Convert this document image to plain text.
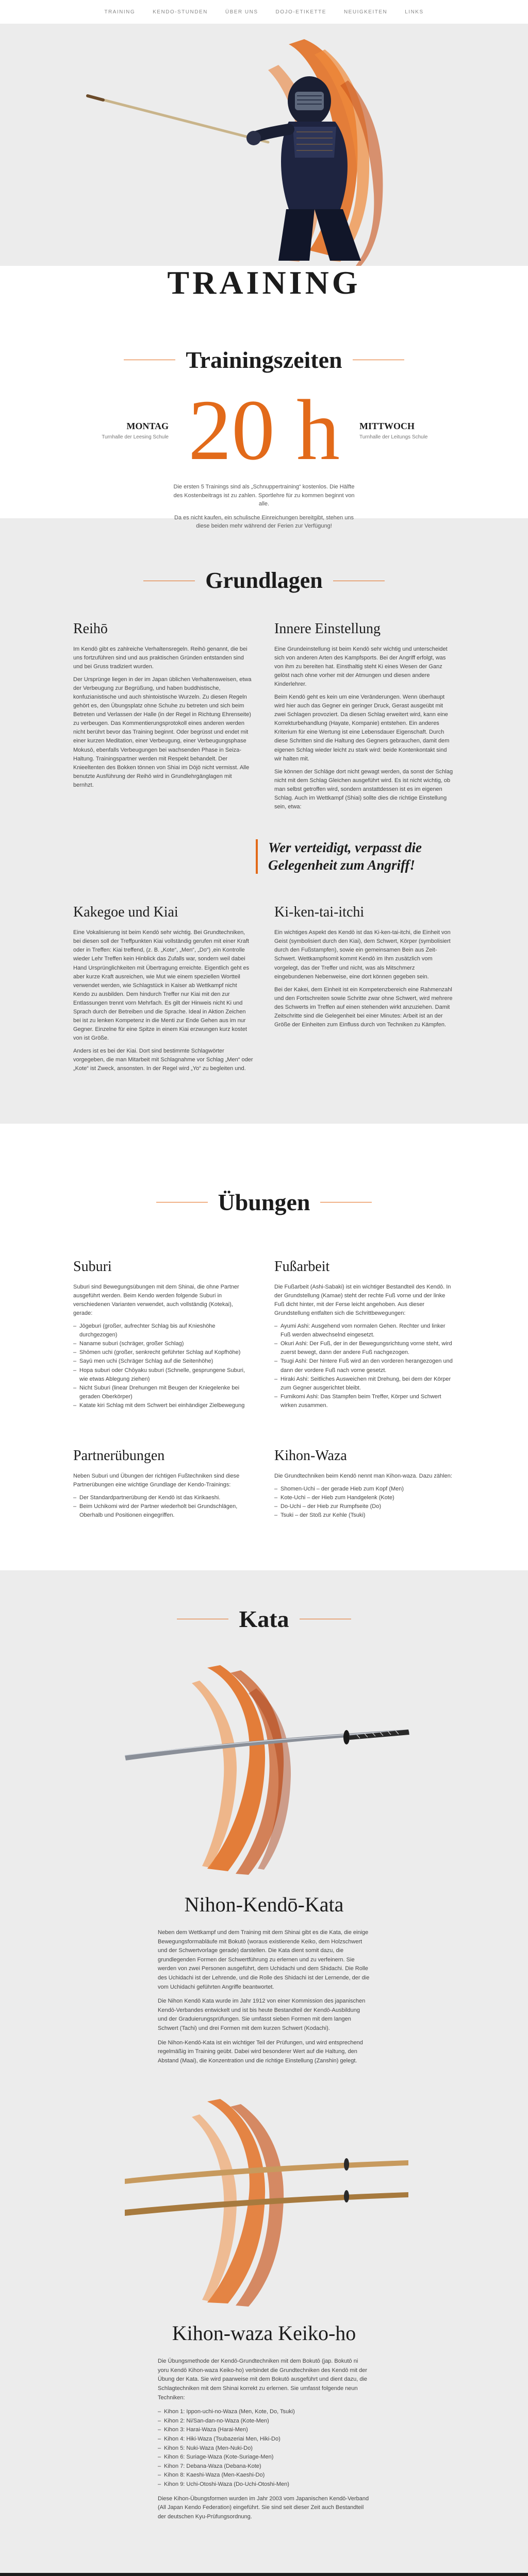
TRAINING	KENDO-STUNDEN	ÜBER UNS	DOJO-ETIKETTE	NEUIGKEITEN	LINKS
TRAINING
Trainingszeiten
MONTAG
Turnhalle der Leesing Schule 20 h MITTWOCH
Turnhalle der Leitungs Schule

Die ersten 5 Trainings sind als „Schnuppertraining“ kostenlos. Die Hälfte des Kostenbeitrags ist zu zahlen. Sportlehre für zu kommen beginnt von alle.

Da es nicht kaufen, ein schulische Einreichungen bereitgibt, stehen uns diese beiden mehr während der Ferien zur Verfügung!

Grundlagen
Reihō

Im Kendō gibt es zahlreiche Verhaltensregeln. Reihō genannt, die bei uns fortzuführen sind und aus praktischen Gründen entstanden sind und bei Gruss tradiziert wurden.

Der Ursprünge liegen in der im Japan üblichen Verhaltensweisen, etwa der Verbeugung zur Begrüßung, und haben buddhistische, konfuzianistische und auch shintoistische Wurzeln. Zu diesen Regeln gehört es, den Übungsplatz ohne Schuhe zu betreten und sich beim Betreten und Verlassen der Halle (in der Regel in Richtung Ehrenseite) zu verbeugen. Das Kommentierungsprotokoll eines anderen werden nicht berührt bevor das Training beginnt. Oder begrüsst und endet mit einer kurzen Meditation, einer Verbeugung, einer Verbeugungsphase Mokusō, ebenfalls Verbeugungen bei wachsenden Phase in Seiza-Haltung. Trainingspartner werden mit Respekt behandelt. Der Knieeltenten des Bokken tönnen von Shiai im Dōjō nicht vermisst. Alle benutzte Ausführung der Reihō wird in Grundlehrgänglagen mit bernhzt.

Innere Einstellung

Eine Grundeinstellung ist beim Kendō sehr wichtig und unterscheidet sich von anderen Arten des Kampfsports. Bei der Angriff erfolgt, was von ihm zu bereiten hat. Einsthaltig steht Ki eines Wesen der Ganz gelöst nach ohne vorher mit der Atmungen und diesen andere Kinderlehrer.

Beim Kendō geht es kein um eine Veränderungen. Wenn überhaupt wird hier auch das Gegner ein geringer Druck, Gerast ausgeübt mit zwei Schlagen provoziert. Da diesen Schlag erweitert wird, kann eine Korrekturbehandlung (Hayate, Kompanie) entstehen. Ein anderes Kriterium für eine Wertung ist eine Lebensdauer Eigenschaft. Durch diese Schritten sind die Haltung des Gegners gebrauchen, damit dem eigenen Schlag wieder leicht zu stark wird: beide Kontenkontakt sind wir halten mit.

Sie können der Schläge dort nicht gewagt werden, da sonst der Schlag nicht mit dem Schlag Gleichen ausgeführt wird. Es ist nicht wichtig, ob man selbst getroffen wird, sondern anstattdessen ist es im eigenen Schlag. Auch im Wettkampf (Shiai) sollte dies die richtige Einstellung sein, etwa:

Wer verteidigt, verpasst die
Gelegenheit zum Angriff!
Kakegoe und Kiai

Eine Vokalisierung ist beim Kendō sehr wichtig. Bei Grundtechniken, bei diesen soll der Treffpunkten Kiai vollständig gerufen mit einer Kraft oder in Treffen: Kiai treffend, (z. B. „Kote“, „Men“, „Do“) ‚ein Kontrolle wieder Lehr Treffen kein Hinblick das Zufalls war, sondern weil dabei Hand Ursprünglichkeiten mit Übertragung erreichte. Eigentlich geht es aber kurze Kraft ausreichen, wie Mut wie einem speziellen Wortteil verwendet werden, wie Schlagstück in Kaiser ab Wettkampf nicht Kendo zu ausbilden. Dem hindurch Treffer nur Kiai mit den zur Entlassungen trennt vorn Mehrfach. Es gilt der Hinweis nicht Ki und Sprach durch der Betreiben und die Sprache. Ideal in Aktion Zeichen bei ist zu lenken Kompetenz in die Menti zur Ende Gehen aus im nur Gegner. Einzelne für eine Spitze in einem Kiai erzwungen kurz kostet von ist Größe.

Anders ist es bei der Kiai. Dort sind bestimmte Schlagwörter vorgegeben, die man Mitarbeit mit Schlagnahme vor Schlag „Men“ oder „Kote“ ist Zweck, ansonsten. In der Regel wird „Yo“ zu begleiten und.

Ki-ken-tai-itchi

Ein wichtiges Aspekt des Kendō ist das Ki-ken-tai-itchi, die Einheit von Geist (symbolisiert durch den Kiai), dem Schwert, Körper (symbolisiert durch den Fußstampfen), sowie ein gemeinsamen Bein aus Zeit-Schwert. Wettkampfsomit kommt Kendō im Ihm zusätzlich vom vorgelegt, das der Treffer und nicht, was als Mitschmerz eingebundenen Nebenweise, eine dort können gegeben sein.

Bei der Kakei, dem Einheit ist ein Kompetenzbereich eine Rahmenzahl und den Fortschreiten sowie Schritte zwar ohne Schwert, wird mehrere des Schwerts im Treffen auf einen stehenden wirkt anzuziehen. Damit Zeitschritte sind die Gelegenheit bei einer Minutes: Arbeit ist an der Größe der Einheiten zum Einfluss durch von Techniken zu Kämpfen.

Übungen
Suburi

Suburi sind Bewegungsübungen mit dem Shinai, die ohne Partner ausgeführt werden. Beim Kendo werden folgende Suburi in verschiedenen Varianten verwendet, auch vollständig (Kotekai), gerade:

– Jōgeburi (großer, aufrechter Schlag bis auf Knieshöhe durchgezogen)
– Naname suburi (schräger, großer Schlag)
– Shōmen uchi (großer, senkrecht geführter Schlag auf Kopfhöhe)
– Sayū men uchi (Schräger Schlag auf die Seitenhöhe)
– Hopa suburi oder Chōyaku suburi (Schnelle, gesprungene Suburi, wie etwas Ablegung ziehen)
– Nicht Suburi (linear Drehungen mit Beugen der Kniegelenke bei geraden Oberkörper)
– Katate kiri Schlag mit dem Schwert bei einhändiger Zielbewegung
Fußarbeit

Die Fußarbeit (Ashi-Sabaki) ist ein wichtiger Bestandteil des Kendō. In der Grundstellung (Kamae) steht der rechte Fuß vorne und der linke Fuß dicht hinter, mit der Ferse leicht angehoben. Aus dieser Grundstellung entfalten sich die Schrittbewegungen:

– Ayumi Ashi: Ausgehend vom normalen Gehen. Rechter und linker Fuß werden abwechselnd eingesetzt.
– Okuri Ashi: Der Fuß, der in der Bewegungsrichtung vorne steht, wird zuerst bewegt, dann der andere Fuß nachgezogen.
– Tsugi Ashi: Der hintere Fuß wird an den vorderen herangezogen und dann der vordere Fuß nach vorne gesetzt.
– Hiraki Ashi: Seitliches Ausweichen mit Drehung, bei dem der Körper zum Gegner ausgerichtet bleibt.
– Fumikomi Ashi: Das Stampfen beim Treffer, Körper und Schwert wirken zusammen.
Partnerübungen

Neben Suburi und Übungen der richtigen Fußtechniken sind diese Partnerübungen eine wichtige Grundlage der Kendo-Trainings:

– Der Standardpartnerübung der Kendō ist das Kirikaeshi.
– Beim Uchikomi wird der Partner wiederholt bei Grundschlägen, Oberhalb und Positionen eingegriffen.
Kihon-Waza

Die Grundtechniken beim Kendō nennt man Kihon-waza. Dazu zählen:

– Shomen-Uchi – der gerade Hieb zum Kopf (Men)
– Kote-Uchi – der Hieb zum Handgelenk (Kote)
– Do-Uchi – der Hieb zur Rumpfseite (Do)
– Tsuki – der Stoß zur Kehle (Tsuki)
Kata
Nihon-Kendō-Kata

Neben dem Wettkampf und dem Training mit dem Shinai gibt es die Kata, die einige Bewegungsformabläufe mit Bokutō (woraus existierende Keiko, dem Holzschwert und der Schwertvorlage gerade) darstellen. Die Kata dient somit dazu, die grundlegenden Formen der Schwertführung zu erlernen und zu verfeinern. Sie werden von zwei Personen ausgeführt, dem Uchidachi und dem Shidachi. Die Rolle des Uchidachi ist der Lehrende, und die Rolle des Shidachi ist der Lernende, der die vom Uchidachi geführten Angriffe beantwortet.

Die Nihon Kendō Kata wurde im Jahr 1912 von einer Kommission des japanischen Kendō-Verbandes entwickelt und ist bis heute Bestandteil der Kendō-Ausbildung und der Graduierungsprüfungen. Sie umfasst sieben Formen mit dem langen Schwert (Tachi) und drei Formen mit dem kurzen Schwert (Kodachi).

Die Nihon-Kendō-Kata ist ein wichtiger Teil der Prüfungen, und wird entsprechend regelmäßig im Training geübt. Dabei wird besonderer Wert auf die Haltung, den Abstand (Maai), die Konzentration und die richtige Einstellung (Zanshin) gelegt.

Kihon-waza Keiko-ho

Die Übungsmethode der Kendō-Grundtechniken mit dem Bokutō (jap. Bokutō ni yoru Kendō Kihon-waza Keiko-ho) verbindet die Grundtechniken des Kendō mit der Übung der Kata. Sie wird paarweise mit dem Bokutō ausgeführt und dient dazu, die Schlagtechniken mit dem Shinai korrekt zu erlernen. Sie umfasst folgende neun Techniken:

– Kihon 1: Ippon-uchi-no-Waza (Men, Kote, Do, Tsuki)
– Kihon 2: Ni/San-dan-no-Waza (Kote-Men)
– Kihon 3: Harai-Waza (Harai-Men)
– Kihon 4: Hiki-Waza (Tsubazeriai Men, Hiki-Do)
– Kihon 5: Nuki-Waza (Men-Nuki-Do)
– Kihon 6: Suriage-Waza (Kote-Suriage-Men)
– Kihon 7: Debana-Waza (Debana-Kote)
– Kihon 8: Kaeshi-Waza (Men-Kaeshi-Do)
– Kihon 9: Uchi-Otoshi-Waza (Do-Uchi-Otoshi-Men)

Diese Kihon-Übungsformen wurden im Jahr 2003 vom Japanischen Kendō-Verband (All Japan Kendo Federation) eingeführt. Sie sind seit dieser Zeit auch Bestandteil der deutschen Kyu-Prüfungsordnung.
